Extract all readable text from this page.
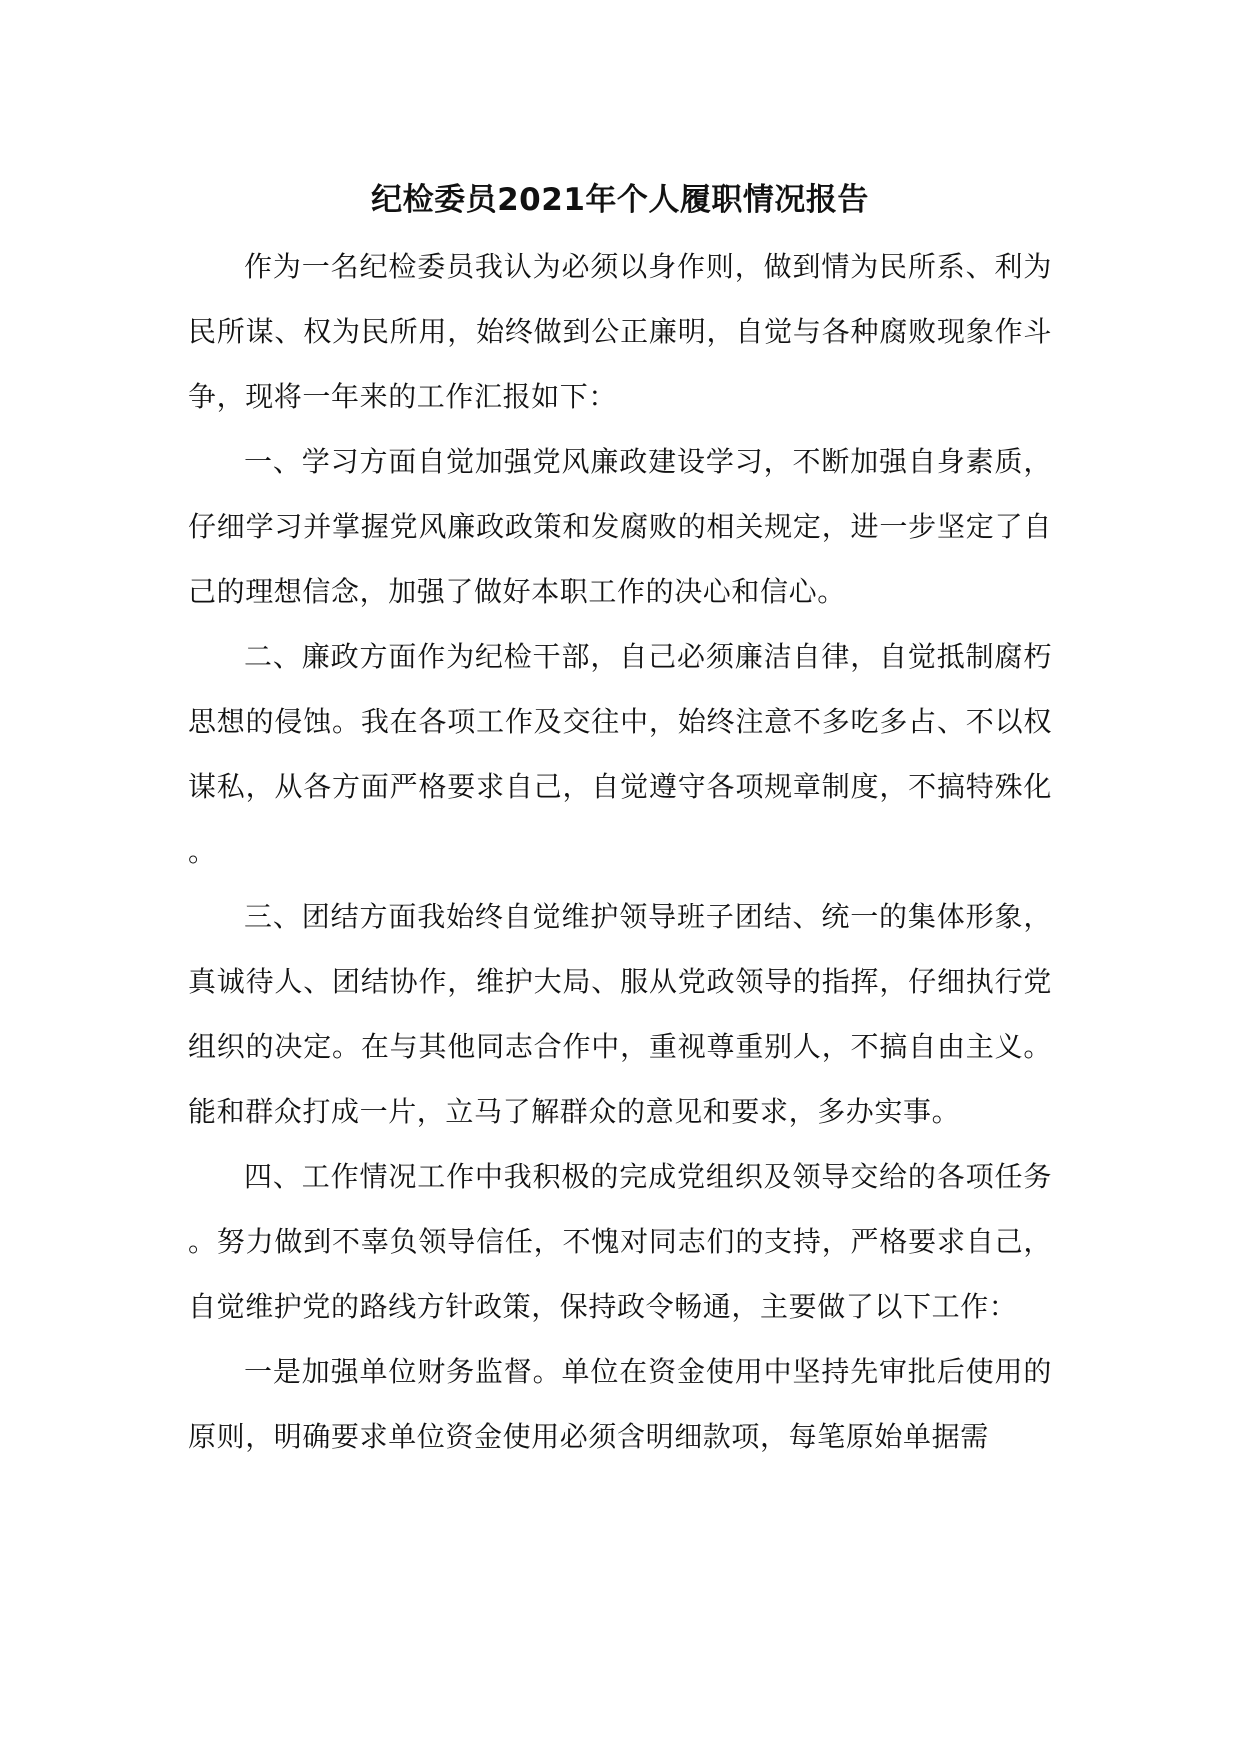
纪检委员2021年个人履职情况报告

作为一名纪检委员我认为必须以身作则，做到情为民所系、利为民所谋、权为民所用，始终做到公正廉明，自觉与各种腐败现象作斗争，现将一年来的工作汇报如下：

一、学习方面自觉加强党风廉政建设学习，不断加强自身素质，仔细学习并掌握党风廉政政策和发腐败的相关规定，进一步坚定了自己的理想信念，加强了做好本职工作的决心和信心。

二、廉政方面作为纪检干部，自己必须廉洁自律，自觉抵制腐朽思想的侵蚀。我在各项工作及交往中，始终注意不多吃多占、不以权谋私，从各方面严格要求自己，自觉遵守各项规章制度，不搞特殊化。

三、团结方面我始终自觉维护领导班子团结、统一的集体形象，真诚待人、团结协作，维护大局、服从党政领导的指挥，仔细执行党组织的决定。在与其他同志合作中，重视尊重别人，不搞自由主义。能和群众打成一片，立马了解群众的意见和要求，多办实事。

四、工作情况工作中我积极的完成党组织及领导交给的各项任务。努力做到不辜负领导信任，不愧对同志们的支持，严格要求自己，自觉维护党的路线方针政策，保持政令畅通，主要做了以下工作：

一是加强单位财务监督。单位在资金使用中坚持先审批后使用的原则，明确要求单位资金使用必须含明细款项，每笔原始单据需
